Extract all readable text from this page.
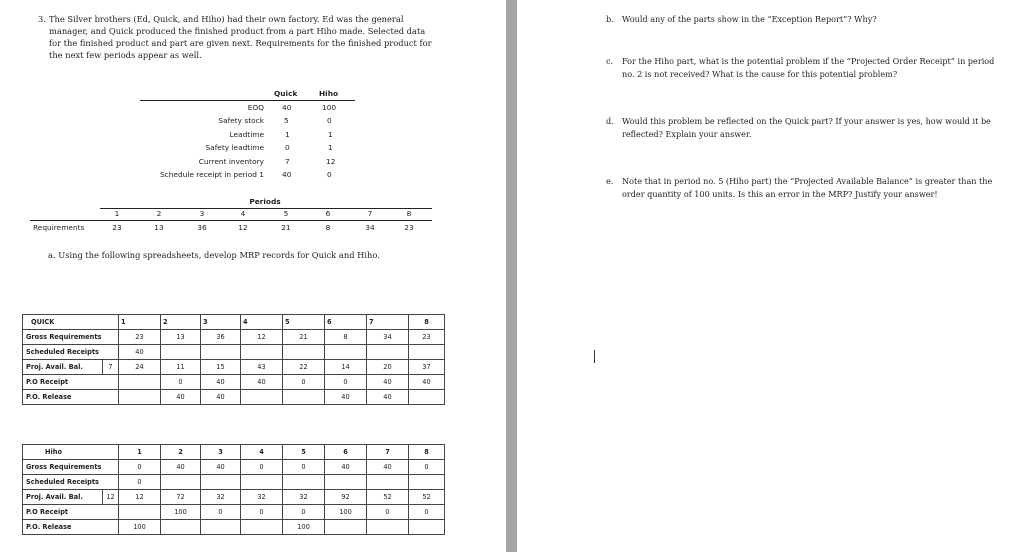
3. The Silver brothers (Ed, Quick, and Hiho) had their own factory. Ed was the general
manager, and Quick produced the finished product from a part Hiho made. Selected data
for the finished product and part are given next. Requirements for the finished product for
the next few periods appear as well.
Quick	Hiho
EOQ 40	100
Safety stock	5	0
Leadtime	1	1
Safety leadtime	0	1
Current inventory	7	12
Schedule receipt in period 1 40	0
Periods
1	2	3	4	5	6	7	8
Requirements	23	13	36	12	21	8	34	23
a. Using the following spreadsheets, develop MRP records for Quick and Hiho.
QUICK		1	2	3	4	5	6	7	8
Gross Requirements		23	13	36	12	21	8	34	23
Scheduled Receipts		40							
Proj. Avail. Bal.	7	24	11	15	43	22	14	20	37
P.O Receipt			0	40	40	0	0	40	40
P.O. Release			40	40			40	40	
Hiho		1	2	3	4	5	6	7	8
Gross Requirements		0	40	40	0	0	40	40	0
Scheduled Receipts		0							
Proj. Avail. Bal.	12	12	72	32	32	32	92	52	52
P.O Receipt			100	0	0	0	100	0	0
P.O. Release		100				100			
b. Would any of the parts show in the “Exception Report”? Why?
c. For the Hiho part, what is the potential problem if the “Projected Order Receipt” in period no. 2 is not received? What is the cause for this potential problem?
d. Would this problem be reflected on the Quick part? If your answer is yes, how would it be reflected? Explain your answer.
e. Note that in period no. 5 (Hiho part) the “Projected Available Balance” is greater than the order quantity of 100 units. Is this an error in the MRP? Justify your answer!
